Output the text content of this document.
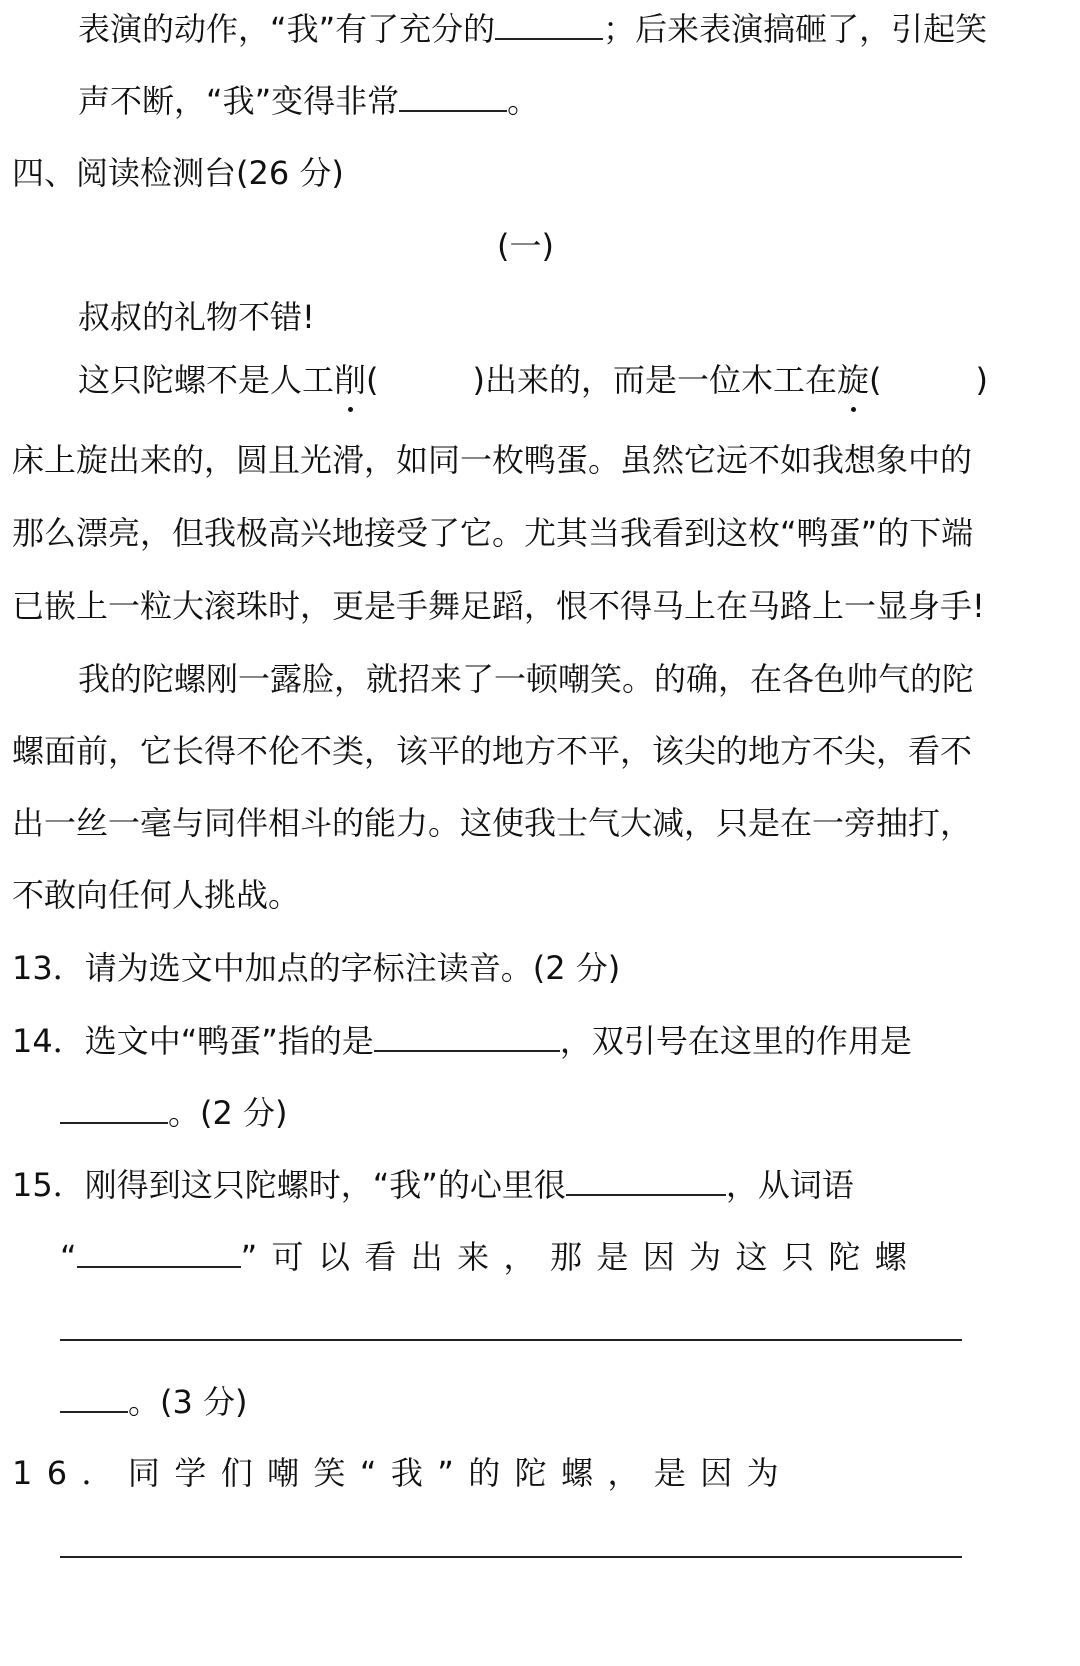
表演的动作，“我”有了充分的	；后来表演搞砸了，引起笑
声不断，“我”变得非常	。
四、阅读检测台(26 分)
(一)
叔叔的礼物不错!
这只陀螺不是人工削(	)出来的，而是一位木工在旋(	)
床上旋出来的，圆且光滑，如同一枚鸭蛋。虽然它远不如我想象中的
那么漂亮，但我极高兴地接受了它。尤其当我看到这枚“鸭蛋”的下端
已嵌上一粒大滚珠时，更是手舞足蹈，恨不得马上在马路上一显身手!
我的陀螺刚一露脸，就招来了一顿嘲笑。的确，在各色帅气的陀
螺面前，它长得不伦不类，该平的地方不平，该尖的地方不尖，看不
出一丝一毫与同伴相斗的能力。这使我士气大减，只是在一旁抽打，
不敢向任何人挑战。
13．请为选文中加点的字标注读音。(2 分)
14．选文中“鸭蛋”指的是	，双引号在这里的作用是
。(2 分)
15．刚得到这只陀螺时，“我”的心里很	，从词语
“	”可以看出来，那是因为这只陀螺
。(3 分)
16．同学们嘲笑“我”的陀螺，是因为
